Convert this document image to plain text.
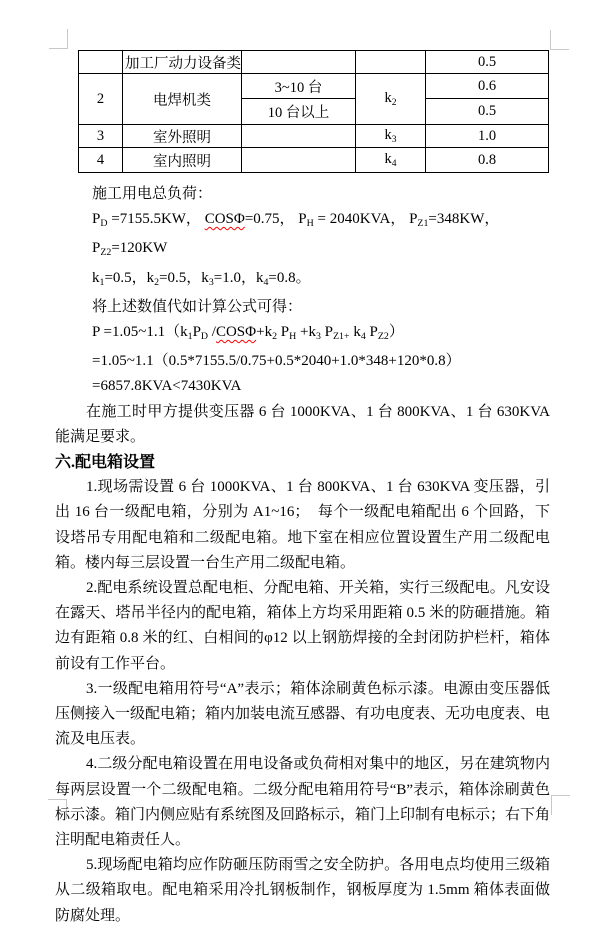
	加工厂动力设备类			0.5
2	电焊机类	3~10 台	$k_2$	0.6
		10 台以上		0.5
3	室外照明		$k_3$	1.0
4	室内照明		$k_4$	0.8

施工用电总负荷：

$P_D =7155.5KW$， COSΦ=0.75， $P_H = 2040KVA$， $P_{Z1}=348KW$，$P_{Z2}=120KW$

$k_1=0.5$，$k_2=0.5$，$k_3=1.0$，$k_4=0.8$。

将上述数值代如计算公式可得：

$P =1.05\sim 1.1(k_1P_D$ $/COS\Phi+k_2$ $P_H +k_3$ $P_{Z1+}$ $k_4$ $P_{Z2}$）

=1.05~1.1（0.5*7155.5/0.75+0.5*2040+1.0*348+120*0.8）

=6857.8KVA<7430KVA

在施工时甲方提供变压器 6 台 1000KVA、1 台 800KVA、1 台 630KVA 能满足要求。

六.配电箱设置

1.现场需设置 6 台 1000KVA、1 台 800KVA、1 台 630KVA 变压器，引出 16 台一级配电箱，分别为 A1~16；　每个一级配电箱配出 6 个回路，下设塔吊专用配电箱和二级配电箱。地下室在相应位置设置生产用二级配电箱。楼内每三层设置一台生产用二级配电箱。

2.配电系统设置总配电柜、分配电箱、开关箱，实行三级配电。凡安设在露天、塔吊半径内的配电箱，箱体上方均采用距箱 0.5 米的防砸措施。箱边有距箱 0.8 米的红、白相间的φ12 以上钢筋焊接的全封闭防护栏杆，箱体前设有工作平台。

3.一级配电箱用符号“A”表示；箱体涂刷黄色标示漆。电源由变压器低压侧接入一级配电箱；箱内加装电流互感器、有功电度表、无功电度表、电流及电压表。

4.二级分配电箱设置在用电设备或负荷相对集中的地区，另在建筑物内每两层设置一个二级配电箱。二级分配电箱用符号“B”表示，箱体涂刷黄色标示漆。箱门内侧应贴有系统图及回路标示，箱门上印制有电标示；右下角注明配电箱责任人。

5.现场配电箱均应作防砸压防雨雪之安全防护。各用电点均使用三级箱从二级箱取电。配电箱采用冷扎钢板制作，钢板厚度为 1.5mm 箱体表面做防腐处理。
